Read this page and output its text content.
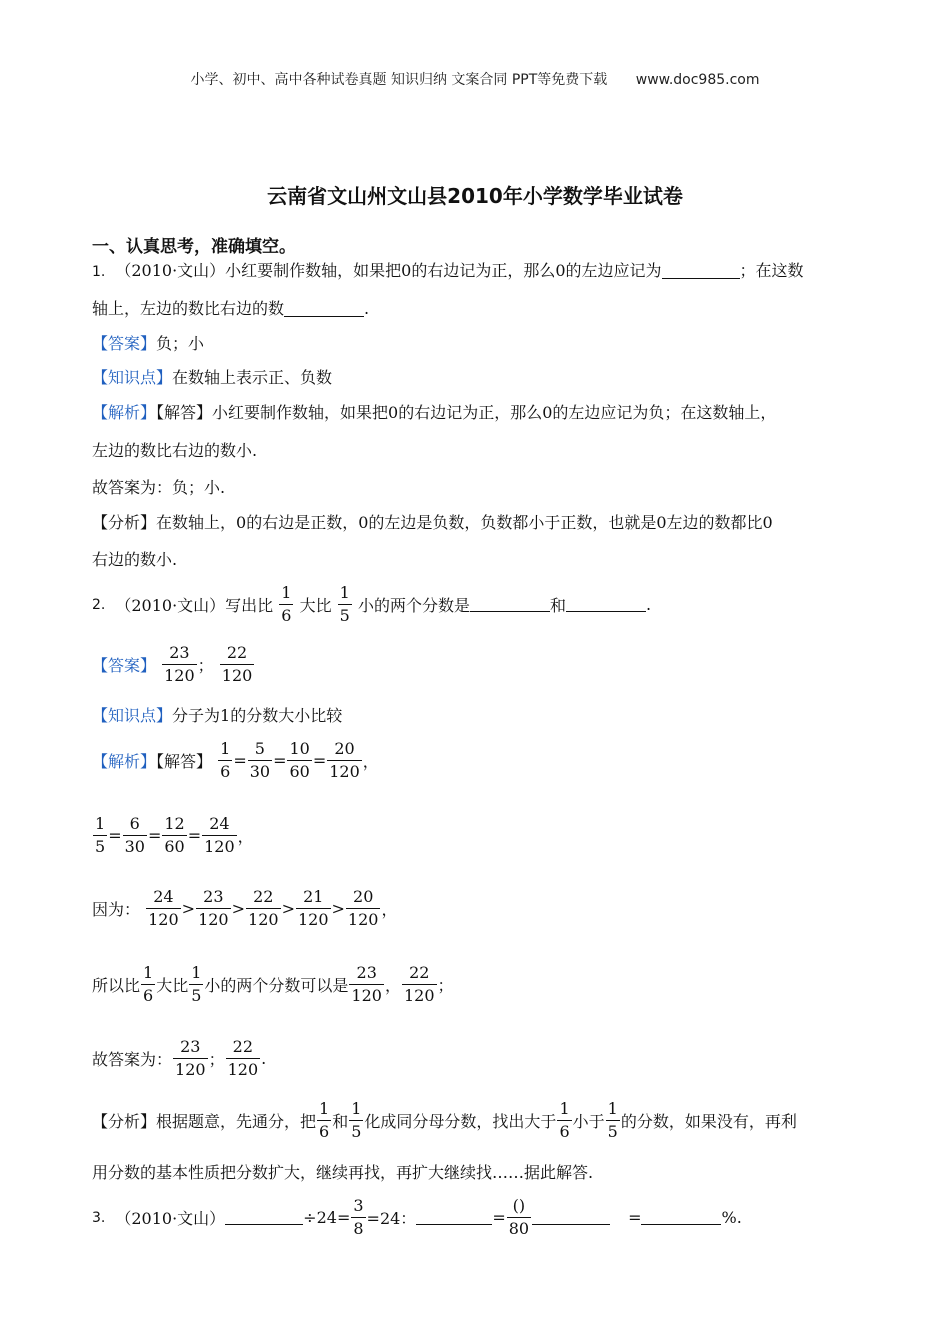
小学、初中、高中各种试卷真题 知识归纳 文案合同 PPT等免费下载 www.doc985.com
云南省文山州文山县2010年小学数学毕业试卷
一、认真思考，准确填空。
1. （2010·文山）小红要制作数轴，如果把0的右边记为正，那么0的左边应记为	；在这数
轴上，左边的数比右边的数	.
【答案】负；小
【知识点】在数轴上表示正、负数
【解析】【解答】小红要制作数轴，如果把0的右边记为正，那么0的左边应记为负；在这数轴上，
左边的数比右边的数小.
故答案为：负；小.
【分析】在数轴上，0的右边是正数，0的左边是负数，负数都小于正数，也就是0左边的数都比0
右边的数小.
2. （2010·文山）写出比 $\frac{1}{6}$ 大比 $\frac{1}{5}$ 小的两个分数是	和	.
【答案】 $\frac{23}{120}$ ； $\frac{22}{120}$
【知识点】分子为1的分数大小比较
【解析】【解答】 $\frac{1}{6} = \frac{5}{30} = \frac{10}{60} = \frac{20}{120}$ ，
$\frac{1}{5} = \frac{6}{30} = \frac{12}{60} = \frac{24}{120}$ ，
因为： $\frac{24}{120} > \frac{23}{120} > \frac{22}{120} > \frac{21}{120} > \frac{20}{120}$ ，
所以比 $\frac{1}{6}$ 大比 $\frac{1}{5}$ 小的两个分数可以是 $\frac{23}{120}$ ， $\frac{22}{120}$ ；
故答案为： $\frac{23}{120}$ ； $\frac{22}{120}$ .
【分析】根据题意，先通分，把 $\frac{1}{6}$ 和 $\frac{1}{5}$ 化成同分母分数，找出大于 $\frac{1}{6}$ 小于 $\frac{1}{5}$ 的分数，如果没有，再利
用分数的基本性质把分数扩大，继续再找，再扩大继续找……据此解答.
3. （2010·文山）	$\div 24= \frac{3}{8} =24$：	= $\frac{()}{80}$	=	%.
